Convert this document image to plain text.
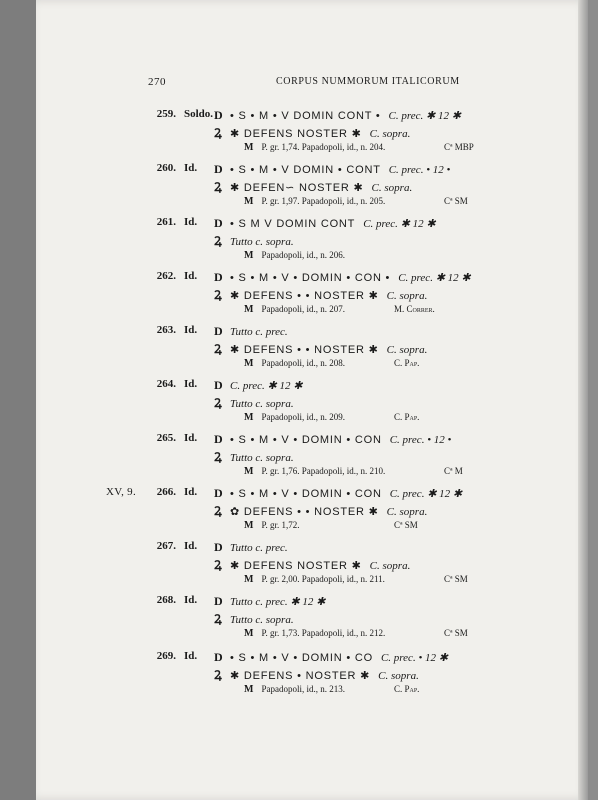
270	CORPUS NUMMORUM ITALICORUM
259. Soldo. D • S • M • V DOMIN CONT • C. prec. ✱ 12 ✱
Ꝝ ✱ DEFENS NOSTER ✱ C. sopra.
M P. gr. 1,74. Papadopoli, id., n. 204.	Cª MBP
260. Id. D • S • M • V DOMIN • CONT C. prec. • 12 •
Ꝝ ✱ DEFEN∽ NOSTER ✱ C. sopra.
M P. gr. 1,97. Papadopoli, id., n. 205.	Cª SM
261. Id. D • S M V DOMIN CONT C. prec. ✱ 12 ✱
Ꝝ Tutto c. sopra.
M Papadopoli, id., n. 206.
262. Id. D • S • M • V • DOMIN • CON • C. prec. ✱ 12 ✱
Ꝝ ✱ DEFENS • • NOSTER ✱ C. sopra.
M Papadopoli, id., n. 207.	M. Correr.
263. Id. D Tutto c. prec.
Ꝝ ✱ DEFENS • • NOSTER ✱ C. sopra.
M Papadopoli, id., n. 208.	C. Pap.
264. Id. D C. prec. ✱ 12 ✱
Ꝝ Tutto c. sopra.
M Papadopoli, id., n. 209.	C. Pap.
265. Id. D • S • M • V • DOMIN • CON C. prec. • 12 •
Ꝝ Tutto c. sopra.
M P. gr. 1,76. Papadopoli, id., n. 210.	Cª M
XV, 9.	266. Id. D • S • M • V • DOMIN • CON C. prec. ✱ 12 ✱
Ꝝ ✿ DEFENS • • NOSTER ✱ C. sopra.
M P. gr. 1,72.	Cª SM
267. Id. D Tutto c. prec.
Ꝝ ✱ DEFENS NOSTER ✱ C. sopra.
M P. gr. 2,00. Papadopoli, id., n. 211.	Cª SM
268. Id. D Tutto c. prec. ✱ 12 ✱
Ꝝ Tutto c. sopra.
M P. gr. 1,73. Papadopoli, id., n. 212.	Cª SM
269. Id. D • S • M • V • DOMIN • CO C. prec. • 12 ✱
Ꝝ ✱ DEFENS • NOSTER ✱ C. sopra.
M Papadopoli, id., n. 213.	C. Pap.
